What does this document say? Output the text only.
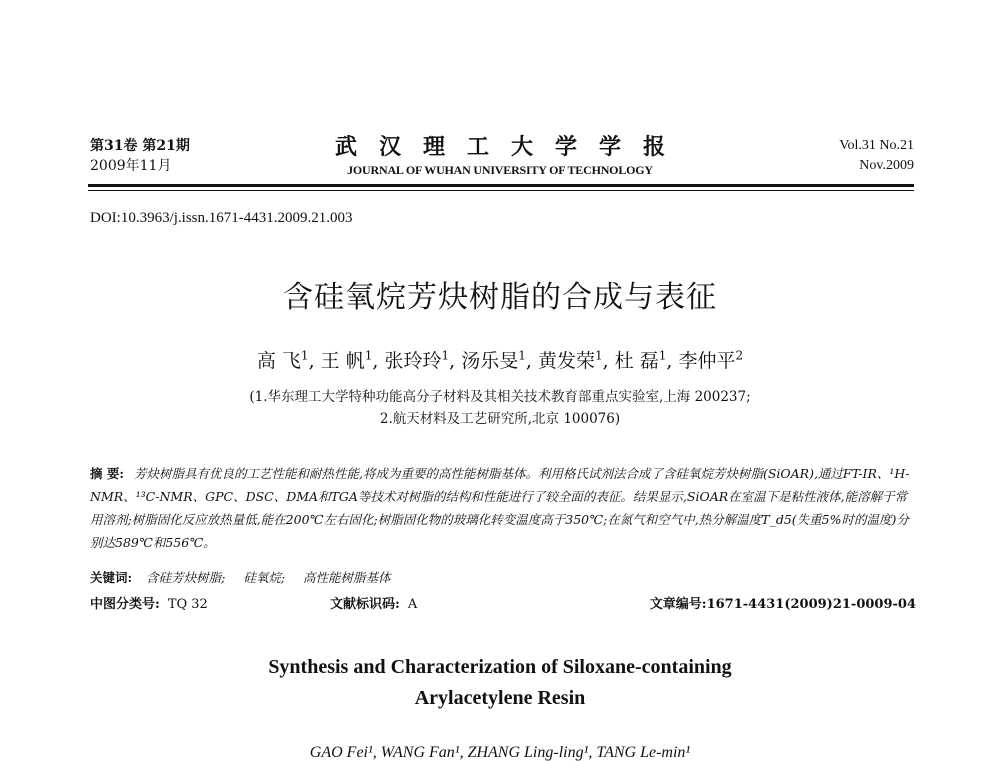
第31卷 第21期
2009年11月
武汉理工大学学报
JOURNAL OF WUHAN UNIVERSITY OF TECHNOLOGY
Vol.31 No.21
Nov.2009
DOI:10.3963/j.issn.1671-4431.2009.21.003
含硅氧烷芳炔树脂的合成与表征
高 飞$^1$, 王 帆$^1$, 张玲玲$^1$, 汤乐旻$^1$, 黄发荣$^1$, 杜 磊$^1$, 李仲平$^2$
(1.华东理工大学特种功能高分子材料及其相关技术教育部重点实验室,上海 200237;
2.航天材料及工艺研究所,北京 100076)
摘 要: 芳炔树脂具有优良的工艺性能和耐热性能,将成为重要的高性能树脂基体。利用格氏试剂法合成了含硅氧烷芳炔树脂(SiOAR),通过FT-IR、¹H-NMR、¹³C-NMR、GPC、DSC、DMA和TGA等技术对树脂的结构和性能进行了较全面的表征。结果显示,SiOAR在室温下是粘性液体,能溶解于常用溶剂;树脂固化反应放热量低,能在200℃左右固化;树脂固化物的玻璃化转变温度高于350℃;在氮气和空气中,热分解温度T_d5(失重5%时的温度)分别达589℃和556℃。
关键词: 含硅芳炔树脂; 硅氧烷; 高性能树脂基体
中图分类号: TQ 32	文献标识码: A	文章编号:1671-4431(2009)21-0009-04
Synthesis and Characterization of Siloxane-containing
Arylacetylene Resin
GAO Fei¹, WANG Fan¹, ZHANG Ling-ling¹, TANG Le-min¹
